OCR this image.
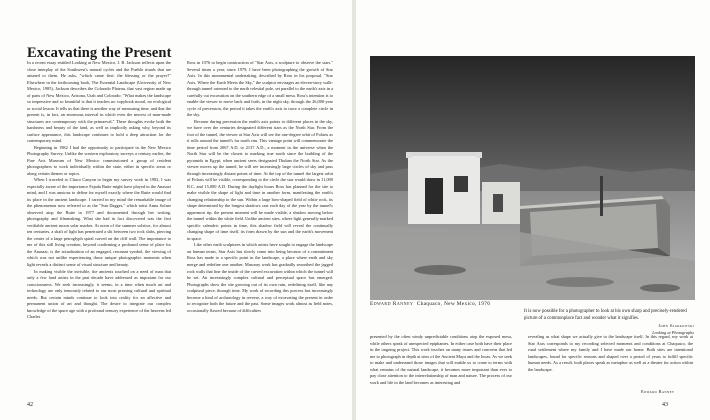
Excavating the Present

In a recent essay entitled Looking at New Mexico, J. B. Jackson reflects upon the close interplay of the Southwest's natural cycles and the Pueblo rituals that are attuned to them. He asks, "which came first: the blessing or the prayer?" Elsewhere in the forthcoming book, The Essential Landscape (University of New Mexico, 1985), Jackson describes the Colorado Plateau, that vast region made up of parts of New Mexico, Arizona, Utah and Colorado: "What makes the landscape so impressive and so beautiful is that it teaches no copybook moral, no ecological or social lesson. It tells us that there is another way of measuring time, and that the present is, in fact, an enormous interval in which even the newest of man-made structures are contemporary with the primaeval." These thoughts evoke both the harshness and beauty of the land, as well as implicitly asking why, beyond its surface appearance, this landscape continues to hold a deep attraction for the contemporary mind.

Beginning in 1982 I had the opportunity to participate in the New Mexico Photography Survey. Unlike the western exploratory surveys a century earlier, the Fine Arts Museum of New Mexico commissioned a group of resident photographers to work individually within the state, either in specific areas or along certain themes or topics.

When I traveled to Chaco Canyon to begin my survey work in 1982, I was especially aware of the importance Fajada Butte might have played in the Anasazi mind, and I was anxious to define for myself exactly where the Butte would find its place in the ancient landscape. I carried in my mind the remarkable image of the phenomenon now referred to as the "Sun Dagger," which artist Anna Sofaer observed atop the Butte in 1977 and documented through her writing, photography and filmmaking. What she had in fact discovered was the first verifiable ancient moon solar marker. At noon of the summer solstice, for almost ten centuries, a shaft of light has penetrated a slit between two rock slabs, piercing the center of a large petroglyph spiral carved on the cliff wall. The importance to me of this still living creation, beyond confirming a profound sense of place for the Anasazi, is the actualization of an engaged, resonant symbol, the viewing of which was not unlike experiencing those unique photographic moments when light reveals a distinct sense of visual structure and beauty.

In making visible the invisible, the ancients touched on a need of man that only a few land artists in the past decade have addressed as important for our consciousness. We seek increasingly, it seems, in a time when much art and technology are only tenuously related to our most pressing cultural and spiritual needs. But certain minds continue to look into reality for an affective and permanent union of art and thought. The desire to integrate our complex knowledge of the space age with a profound sensory experience of the heavens led Charles

Ross in 1976 to begin construction of "Star Axis, a sculpture to observe the stars." Several times a year, since 1979, I have been photographing the growth of Star Axis. In this monumental undertaking, described by Ross in his proposal, "Star Axis, Where the Earth Meets the Sky," the sculptor envisages an eleven-story walk-through tunnel oriented to the north celestial pole, set parallel to the earth's axis in a carefully cut excavation on the southern edge of a small mesa. Ross's intention is to enable the viewer to move back and forth, in the night sky, through the 26,000-year cycle of precession, the period it takes the earth's axis to trace a complete circle in the sky.

Because during precession the earth's axis points to different places in the sky, we have over the centuries designated different stars as the North Star. From the foot of the tunnel, the viewer at Star Axis will see the one-degree orbit of Polaris as it rolls around the tunnel's far north rim. This vantage point will commemorate the time period from 2067 A.D. to 2137 A.D., a moment in the universe when the North Star will be the closest to marking true north since the building of the pyramids in Egypt, when ancient seers designated Thuban the North Star. As the viewer moves up the tunnel, he will see increasingly large circles of sky and pass through increasingly distant points of time. At the top of the tunnel the largest orbit of Polaris will be visible, corresponding to the circle the star would draw in 11,000 B.C. and 15,000 A.D. During the daylight hours Ross has planned for the site to make visible the shape of light and time in another form, manifesting the earth's changing relationship to the sun. Within a large bow-shaped field of white rock, its shape determined by the longest shadows cast each day of the year by the tunnel's uppermost tip, the present moment will be made visible, a shadow moving below the tunnel within the white field. Unlike ancient sites, where light generally marked specific calendric points in time, this shadow field will reveal the continually changing shape of time itself, its form drawn by the sun and the earth's movement in space.

Like other earth sculptures in which artists have sought to engage the landscape on human terms, Star Axis has slowly come into being because of a commitment Ross has made to a specific point in the landscape, a place where earth and sky merge and redefine one another. Masonry work has gradually smoothed the jagged rock walls that line the inside of the carved excavation within which the tunnel will be set. An increasingly complex cultural and perceptual space has emerged. Photographs show the site growing out of its own ruin, redefining itself, like any sculptural piece, through time. My work of recording this process has increasingly become a kind of archaeology in reverse, a way of excavating the present in order to recognize both the future and the past. Some images work almost as field notes, occasionally flawed because of difficulties

42
Edward Ranney Chaquaco, New Mexico, 1976
It is now possible for a photographer to look at his own sharp and precisely-rendered picture of a commonplace fact and wonder what it signifies.
John Szarkowski
Looking at Photographs

presented by the often windy unpredictable conditions atop the exposed mesa, while others speak of unexpected epiphanies. In either case both have their place in the ongoing project. This work touches on many issues and concerns that led me to photograph in depth at sites of the Ancient Maya and the Incas. As we seek to make and understand those images that will enable us to come to terms with what remains of the natural landscape, it becomes more important than ever to pay close attention to the interrelationship of man and nature. The process of our work and life in the land becomes as interesting and

revealing as what shape we actually give to the landscape itself. In this regard, my work at Star Axis corresponds to my recording selected moments and conditions at Chaquaco, the rural settlement where my family and I have made our home. Both sites are intentional landscapes, found for specific reasons and shaped over a period of years to fulfill specific human needs. As a result, both places speak as metaphor as well as a theater for action within the landscape.

Edward Ranney
43
